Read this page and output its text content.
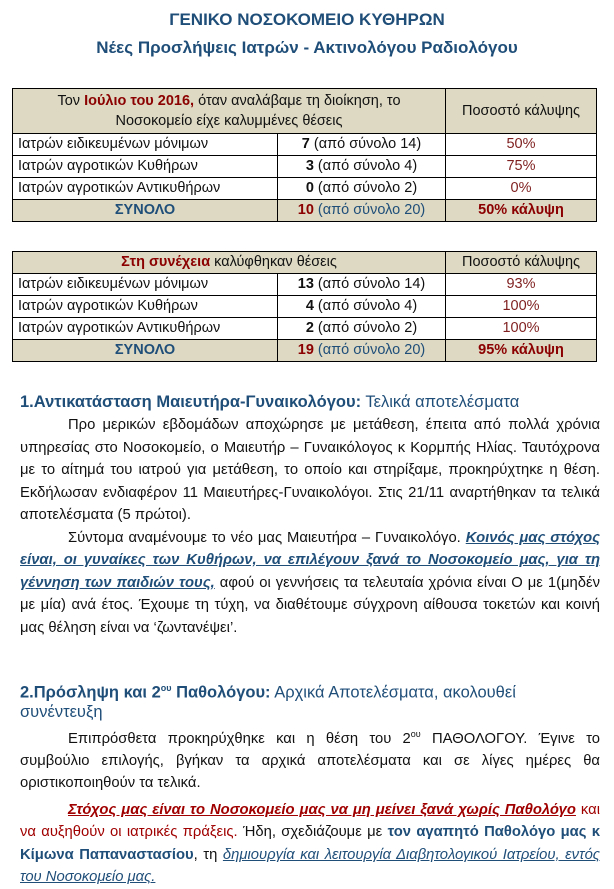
ΓΕΝΙΚΟ ΝΟΣΟΚΟΜΕΙΟ ΚΥΘΗΡΩΝ
Νέες Προσλήψεις Ιατρών - Ακτινολόγου Ραδιολόγου
Τον Ιούλιο του 2016, όταν αναλάβαμε τη διοίκηση, το Νοσοκομείο είχε καλυμμένες θέσεις		Ποσοστό κάλυψης
Ιατρών ειδικευμένων μόνιμων	7 (από σύνολο 14)	50%
Ιατρών αγροτικών Κυθήρων	3 (από σύνολο 4)	75%
Ιατρών αγροτικών Αντικυθήρων	0 (από σύνολο 2)	0%
ΣΥΝΟΛΟ	10 (από σύνολο 20)	50% κάλυψη
Στη συνέχεια καλύφθηκαν θέσεις		Ποσοστό κάλυψης
Ιατρών ειδικευμένων μόνιμων	13 (από σύνολο 14)	93%
Ιατρών αγροτικών Κυθήρων	4 (από σύνολο 4)	100%
Ιατρών αγροτικών Αντικυθήρων	2 (από σύνολο 2)	100%
ΣΥΝΟΛΟ	19 (από σύνολο 20)	95% κάλυψη
1.Αντικατάσταση Μαιευτήρα-Γυναικολόγου: Τελικά αποτελέσματα

Προ μερικών εβδομάδων αποχώρησε με μετάθεση, έπειτα από πολλά χρόνια υπηρεσίας στο Νοσοκομείο, ο Μαιευτήρ – Γυναικόλογος κ Κορμπής Ηλίας. Ταυτόχρονα με το αίτημά του ιατρού για μετάθεση, το οποίο και στηρίξαμε, προκηρύχτηκε η θέση. Εκδήλωσαν ενδιαφέρον 11 Μαιευτήρες-Γυναικολόγοι. Στις 21/11 αναρτήθηκαν τα τελικά αποτελέσματα (5 πρώτοι).

Σύντομα αναμένουμε το νέο μας Μαιευτήρα – Γυναικολόγο. Κοινός μας στόχος είναι, οι γυναίκες των Κυθήρων, να επιλέγουν ξανά το Νοσοκομείο μας, για τη γέννηση των παιδιών τους, αφού οι γεννήσεις τα τελευταία χρόνια είναι Ο με 1(μηδέν με μία) ανά έτος. Έχουμε τη τύχη, να διαθέτουμε σύγχρονη αίθουσα τοκετών και κοινή μας θέληση είναι να ‘ζωντανέψει’.

2.Πρόσληψη και $2^{o\upsilon}$ Παθολόγου: Αρχικά Αποτελέσματα, ακολουθεί συνέντευξη

Επιπρόσθετα προκηρύχθηκε και η θέση του $2^{o\upsilon}$ ΠΑΘΟΛΟΓΟΥ. Έγινε το συμβούλιο επιλογής, βγήκαν τα αρχικά αποτελέσματα και σε λίγες ημέρες θα οριστικοποιηθούν τα τελικά.

Στόχος μας είναι το Νοσοκομείο μας να μη μείνει ξανά χωρίς Παθολόγο και να αυξηθούν οι ιατρικές πράξεις. Ήδη, σχεδιάζουμε με τον αγαπητό Παθολόγο μας κ Κίμωνα Παπαναστασίου, τη δημιουργία και λειτουργία Διαβητολογικού Ιατρείου, εντός του Νοσοκομείο μας.
